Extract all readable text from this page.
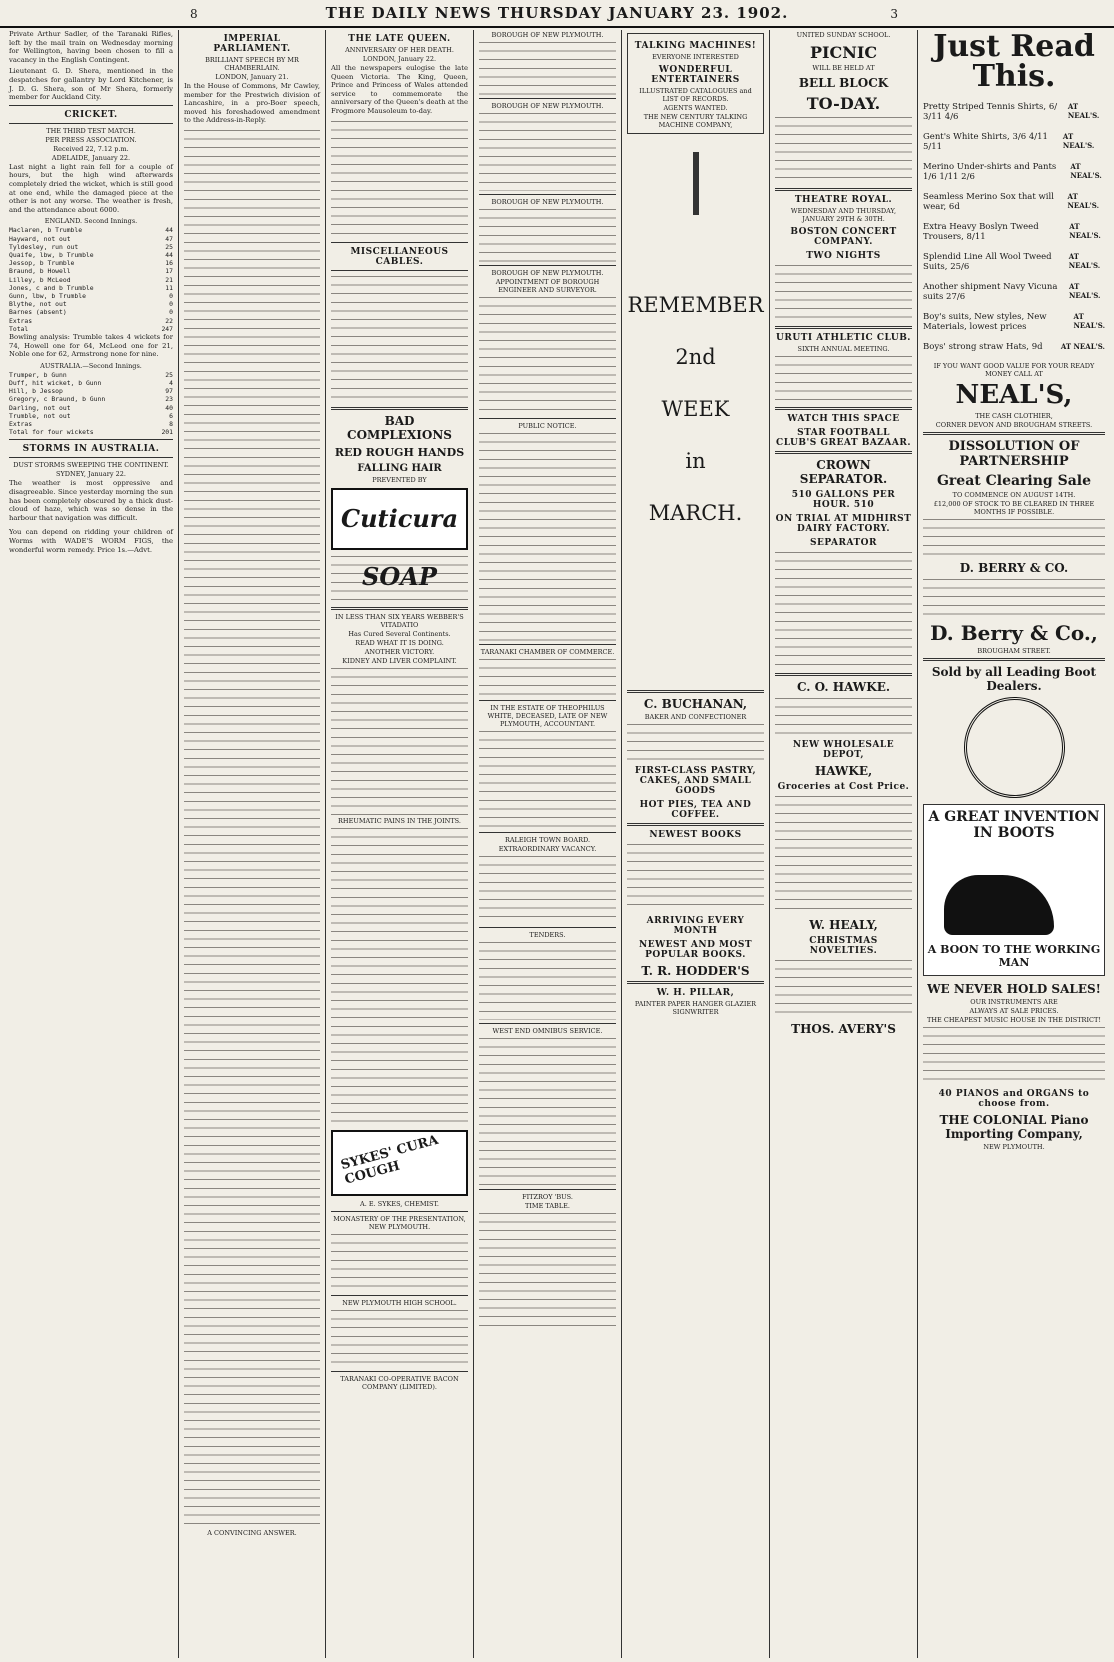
8	THE DAILY NEWS THURSDAY JANUARY 23. 1902.	3

Private Arthur Sadler, of the Taranaki Rifles, left by the mail train on Wednesday morning for Wellington, having been chosen to fill a vacancy in the English Contingent.

Lieutenant G. D. Shera, mentioned in the despatches for gallantry by Lord Kitchener, is J. D. G. Shera, son of Mr Shera, formerly member for Auckland City.

CRICKET.
THE THIRD TEST MATCH.
PER PRESS ASSOCIATION.
Received 22, 7.12 p.m.
ADELAIDE, January 22.

Last night a light rain fell for a couple of hours, but the high wind afterwards completely dried the wicket, which is still good at one end, while the damaged piece at the other is not any worse. The weather is fresh, and the attendance about 6000.

ENGLAND. Second Innings.
Maclaren, b Trumble	44
Hayward, not out	47
Tyldesley, run out	25
Quaife, lbw, b Trumble	44
Jessop, b Trumble	16
Braund, b Howell	17
Lilley, b McLeod	21
Jones, c and b Trumble	11
Gunn, lbw, b Trumble	0
Blythe, not out	0
Barnes (absent)	0
Extras	22
Total	247

Bowling analysis: Trumble takes 4 wickets for 74, Howell one for 64, McLeod one for 21, Noble one for 62, Armstrong none for nine.

AUSTRALIA.—Second Innings.
Trumper, b Gunn	25
Duff, hit wicket, b Gunn	4
Hill, b Jessop	97
Gregory, c Braund, b Gunn	23
Darling, not out	40
Trumble, not out	6
Extras	8
Total for four wickets	201
STORMS IN AUSTRALIA.
DUST STORMS SWEEPING THE CONTINENT.
SYDNEY, January 22.

The weather is most oppressive and disagreeable. Since yesterday morning the sun has been completely obscured by a thick dust-cloud of haze, which was so dense in the harbour that navigation was difficult.

You can depend on ridding your children of Worms with WADE'S WORM FIGS, the wonderful worm remedy. Price 1s.—Advt.

IMPERIAL PARLIAMENT.
BRILLIANT SPEECH BY MR CHAMBERLAIN.
LONDON, January 21.

In the House of Commons, Mr Cawley, member for the Prestwich division of Lancashire, in a pro-Boer speech, moved his foreshadowed amendment to the Address-in-Reply.

A CONVINCING ANSWER.
THE LATE QUEEN.
ANNIVERSARY OF HER DEATH.
LONDON, January 22.

All the newspapers eulogise the late Queen Victoria. The King, Queen, Prince and Princess of Wales attended service to commemorate the anniversary of the Queen's death at the Frogmore Mausoleum to-day.

MISCELLANEOUS CABLES.
BAD COMPLEXIONS
RED ROUGH HANDS
FALLING HAIR
PREVENTED BY
Cuticura SOAP
IN LESS THAN SIX YEARS WEBBER'S VITADATIO
Has Cured Several Continents.
READ WHAT IT IS DOING.
ANOTHER VICTORY.
KIDNEY AND LIVER COMPLAINT.
RHEUMATIC PAINS IN THE JOINTS.
SYKES' CURA COUGH
A. E. SYKES, CHEMIST.
MONASTERY OF THE PRESENTATION, NEW PLYMOUTH.
NEW PLYMOUTH HIGH SCHOOL.
TARANAKI CO-OPERATIVE BACON COMPANY (LIMITED).
BOROUGH OF NEW PLYMOUTH.
BOROUGH OF NEW PLYMOUTH.
BOROUGH OF NEW PLYMOUTH.
BOROUGH OF NEW PLYMOUTH.
APPOINTMENT OF BOROUGH ENGINEER AND SURVEYOR.
PUBLIC NOTICE.
TARANAKI CHAMBER OF COMMERCE.
IN THE ESTATE OF THEOPHILUS WHITE, DECEASED, LATE OF NEW PLYMOUTH, ACCOUNTANT.
RALEIGH TOWN BOARD.
EXTRAORDINARY VACANCY.
TENDERS.
WEST END OMNIBUS SERVICE.
FITZROY 'BUS.
TIME TABLE.
TALKING MACHINES!
EVERYONE INTERESTED
WONDERFUL ENTERTAINERS
ILLUSTRATED CATALOGUES and LIST OF RECORDS.
AGENTS WANTED.
THE NEW CENTURY TALKING MACHINE COMPANY,
REMEMBER
2nd
WEEK
in
MARCH.
C. BUCHANAN,
BAKER AND CONFECTIONER
FIRST-CLASS PASTRY, CAKES, AND SMALL GOODS
HOT PIES, TEA AND COFFEE.
NEWEST BOOKS
ARRIVING EVERY MONTH
NEWEST AND MOST POPULAR BOOKS.
T. R. HODDER'S
W. H. PILLAR,
PAINTER PAPER HANGER GLAZIER SIGNWRITER
UNITED SUNDAY SCHOOL.
PICNIC
WILL BE HELD AT
BELL BLOCK
TO-DAY.
THEATRE ROYAL.
WEDNESDAY AND THURSDAY, JANUARY 29TH & 30TH.
BOSTON CONCERT COMPANY.
TWO NIGHTS
URUTI ATHLETIC CLUB.
SIXTH ANNUAL MEETING.
WATCH THIS SPACE
STAR FOOTBALL CLUB'S GREAT BAZAAR.
CROWN SEPARATOR.
510 GALLONS PER HOUR. 510
ON TRIAL AT MIDHIRST DAIRY FACTORY.
SEPARATOR
C. O. HAWKE.
NEW WHOLESALE DEPOT,
HAWKE,
Groceries at Cost Price.
W. HEALY,
CHRISTMAS NOVELTIES.
THOS. AVERY'S
Just Read This.
Pretty Striped Tennis Shirts, 6/ 3/11 4/6
AT NEAL'S.
Gent's White Shirts, 3/6 4/11 5/11
AT NEAL'S.
Merino Under-shirts and Pants 1/6 1/11 2/6
AT NEAL'S.
Seamless Merino Sox that will wear, 6d
AT NEAL'S.
Extra Heavy Boslyn Tweed Trousers, 8/11
AT NEAL'S.
Splendid Line All Wool Tweed Suits, 25/6
AT NEAL'S.
Another shipment Navy Vicuna suits 27/6
AT NEAL'S.
Boy's suits, New styles, New Materials, lowest prices
AT NEAL'S.
Boys' strong straw Hats, 9d	AT NEAL'S.
IF YOU WANT GOOD VALUE FOR YOUR READY MONEY CALL AT
NEAL'S,
THE CASH CLOTHIER,
CORNER DEVON AND BROUGHAM STREETS.
DISSOLUTION OF PARTNERSHIP
Great Clearing Sale
TO COMMENCE ON AUGUST 14TH.
£12,000 OF STOCK TO BE CLEARED IN THREE MONTHS IF POSSIBLE.
D. BERRY & CO.
D. Berry & Co.,
BROUGHAM STREET.
Sold by all Leading Boot Dealers.
A GREAT INVENTION IN BOOTS
A BOON TO THE WORKING MAN
WE NEVER HOLD SALES!
OUR INSTRUMENTS ARE
ALWAYS AT SALE PRICES.
THE CHEAPEST MUSIC HOUSE IN THE DISTRICT!
40 PIANOS and ORGANS to choose from.
THE COLONIAL Piano Importing Company,
NEW PLYMOUTH.
